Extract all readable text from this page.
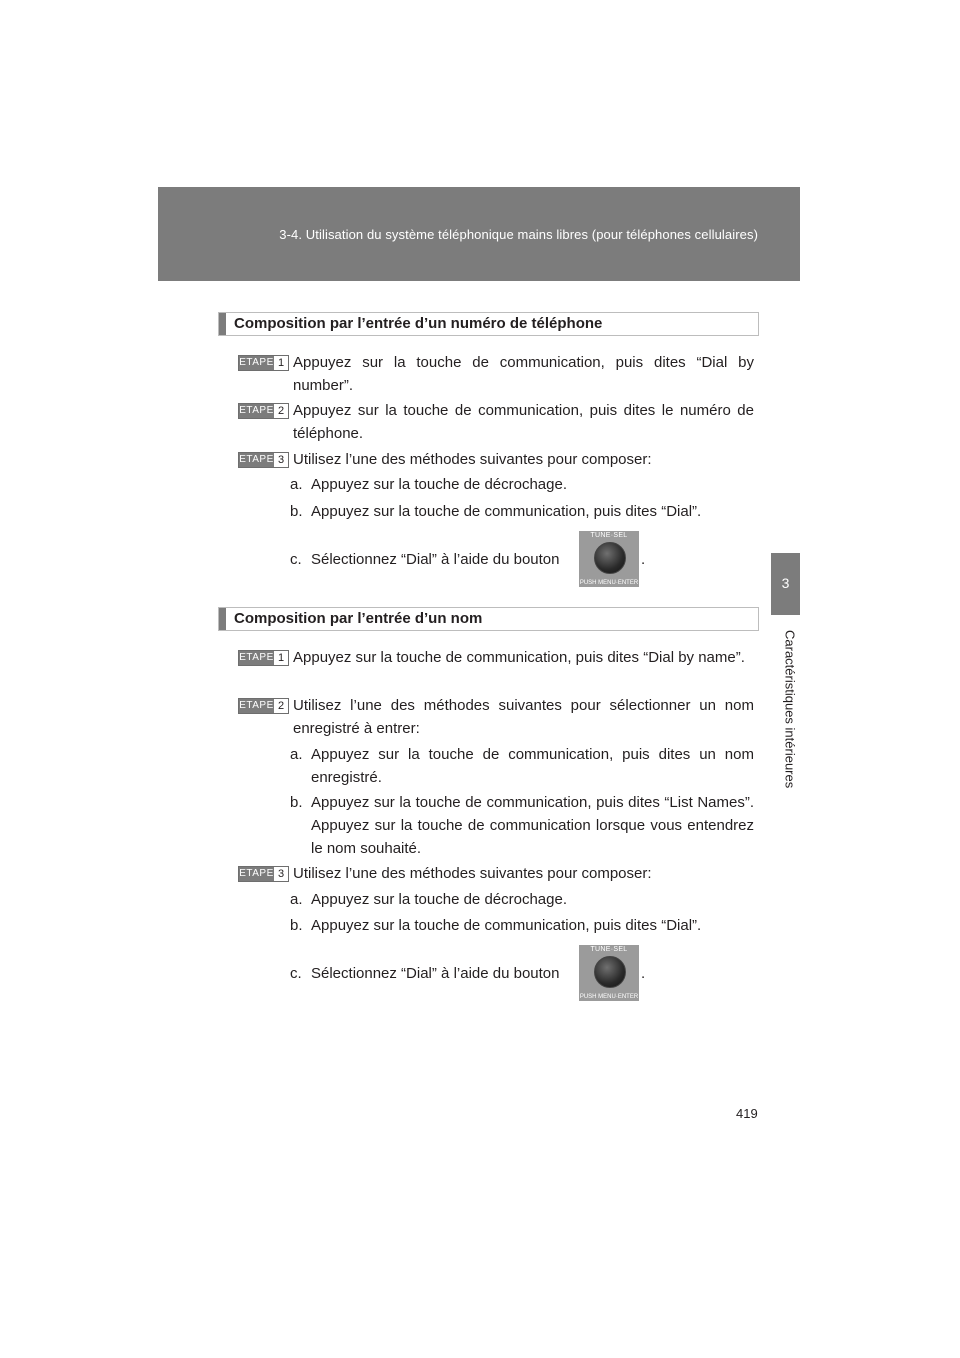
3-4. Utilisation du système téléphonique mains libres (pour téléphones cellulaires)
3
Caractéristiques intérieures
Composition par l’entrée d’un numéro de téléphone
ETAPE 1 Appuyez sur la touche de communication, puis dites “Dial by number”.
ETAPE 2 Appuyez sur la touche de communication, puis dites le numéro de téléphone.
ETAPE 3 Utilisez l’une des méthodes suivantes pour composer:
a. Appuyez sur la touche de décrochage.
b. Appuyez sur la touche de communication, puis dites “Dial”.
c. Sélectionnez “Dial” à l’aide du bouton
TUNE·SEL
PUSH MENU·ENTER
.
Composition par l’entrée d’un nom
ETAPE 1 Appuyez sur la touche de communication, puis dites “Dial by name”.
ETAPE 2 Utilisez l’une des méthodes suivantes pour sélectionner un nom enregistré à entrer:
a. Appuyez sur la touche de communication, puis dites un nom enregistré.
b. Appuyez sur la touche de communication, puis dites “List Names”. Appuyez sur la touche de communication lorsque vous entendrez le nom souhaité.
ETAPE 3 Utilisez l’une des méthodes suivantes pour composer:
a. Appuyez sur la touche de décrochage.
b. Appuyez sur la touche de communication, puis dites “Dial”.
c. Sélectionnez “Dial” à l’aide du bouton
TUNE·SEL
PUSH MENU·ENTER
.
419
